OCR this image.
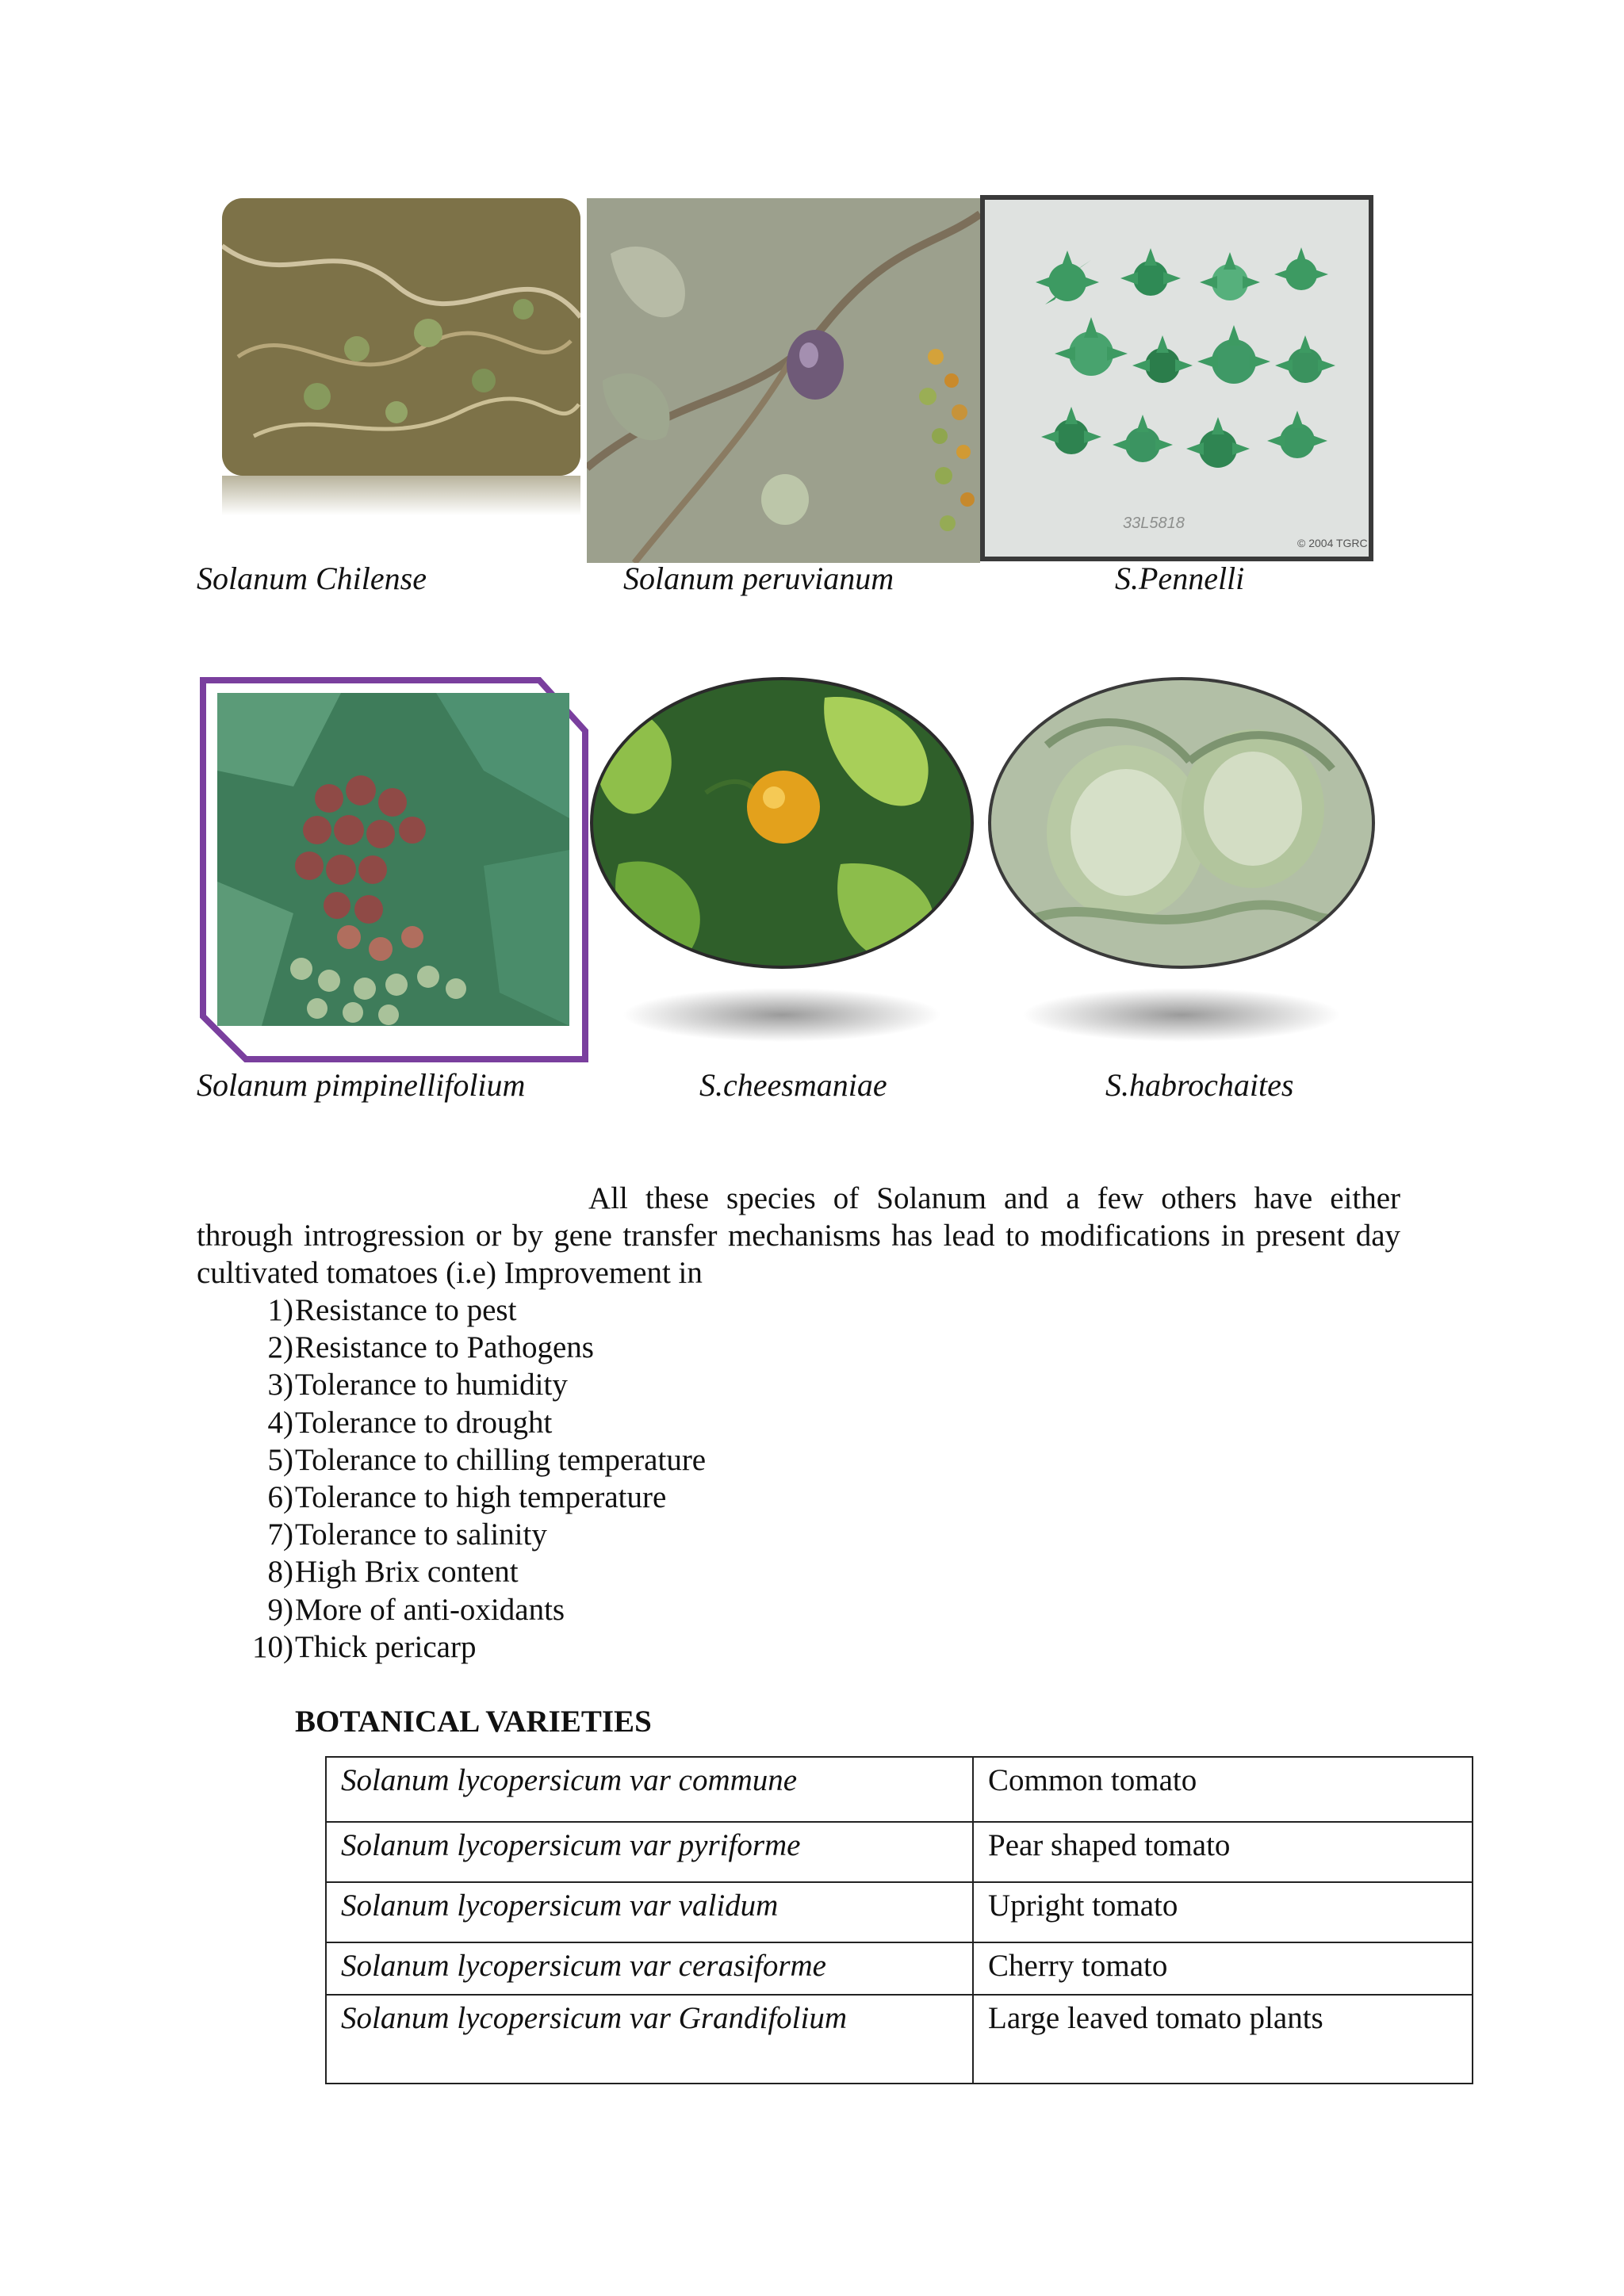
33L5818
© 2004 TGRC
Solanum Chilense	Solanum peruvianum	S.Pennelli
Solanum pimpinellifolium	S.cheesmaniae	S.habrochaites
All these species of Solanum and a few others have either through introgression or by gene transfer mechanisms has lead to modifications in present day cultivated tomatoes (i.e) Improvement in
1) Resistance to pest
2) Resistance to Pathogens
3) Tolerance to humidity
4) Tolerance to drought
5) Tolerance to chilling temperature
6) Tolerance to high temperature
7) Tolerance to salinity
8) High Brix content
9) More of anti-oxidants
10) Thick pericarp
BOTANICAL VARIETIES
Solanum lycopersicum var commune	Common tomato
Solanum lycopersicum var pyriforme	Pear shaped tomato
Solanum lycopersicum var validum	Upright tomato
Solanum lycopersicum var cerasiforme	Cherry tomato
Solanum lycopersicum var Grandifolium	Large leaved tomato plants
